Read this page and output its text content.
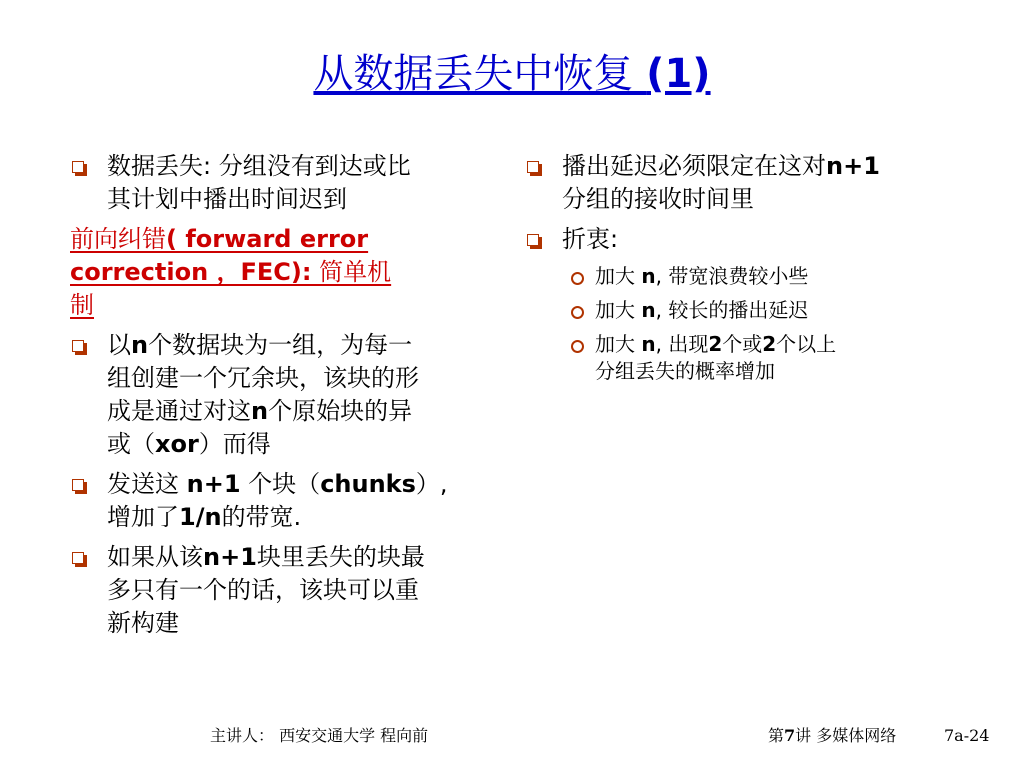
从数据丢失中恢复 (1)
数据丢失: 分组没有到达或比
其计划中播出时间迟到
前向纠错( forward error
correction ，FEC): 简单机
制
以n个数据块为一组，为每一
组创建一个冗余块，该块的形
成是通过对这n个原始块的异
或（xor）而得
发送这 n+1 个块（chunks）,
增加了1/n的带宽.
如果从该n+1块里丢失的块最
多只有一个的话，该块可以重
新构建
播出延迟必须限定在这对n+1
分组的接收时间里
折衷:
加大 n, 带宽浪费较小些
加大 n, 较长的播出延迟
加大 n, 出现2个或2个以上
分组丢失的概率增加
主讲人： 西安交通大学 程向前	第7讲 多媒体网络	7a-24
